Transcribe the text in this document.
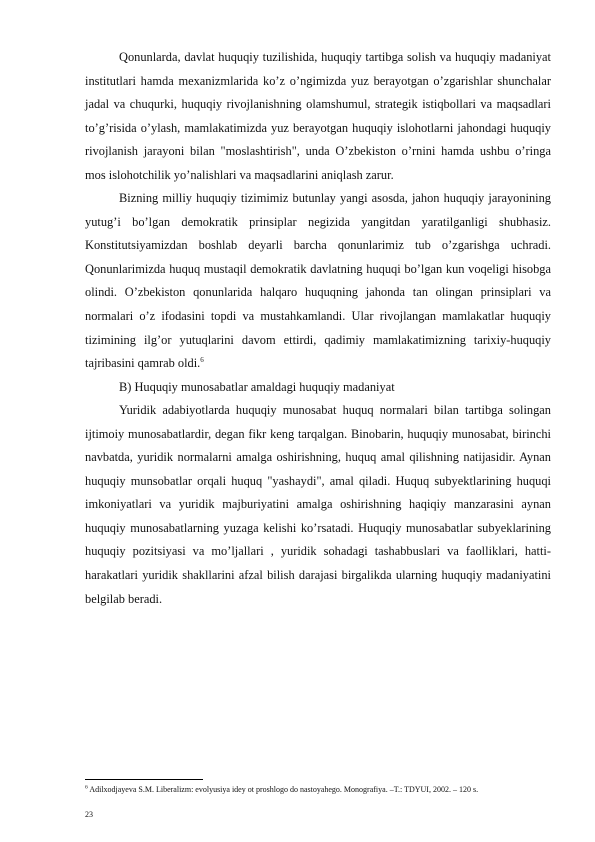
Qonunlarda, davlat huquqiy tuzilishida, huquqiy tartibga solish va huquqiy madaniyat institutlari hamda mexanizmlarida ko’z o’ngimizda yuz berayotgan o’zgarishlar shunchalar jadal va chuqurki, huquqiy rivojlanishning olamshumul, strategik istiqbollari va maqsadlari to’g’risida o’ylash, mamlakatimizda yuz berayotgan huquqiy islohotlarni jahondagi huquqiy rivojlanish jarayoni bilan "moslashtirish", unda O’zbekiston o’rnini hamda ushbu o’ringa mos islohotchilik yo’nalishlari va maqsadlarini aniqlash zarur.

Bizning milliy huquqiy tizimimiz butunlay yangi asosda, jahon huquqiy jarayonining yutug’i bo’lgan demokratik prinsiplar negizida yangitdan yaratilganligi shubhasiz. Konstitutsiyamizdan boshlab deyarli barcha qonunlarimiz tub o’zgarishga uchradi. Qonunlarimizda huquq mustaqil demokratik davlatning huquqi bo’lgan kun voqeligi hisobga olindi. O’zbekiston qonunlarida halqaro huquqning jahonda tan olingan prinsiplari va normalari o’z ifodasini topdi va mustahkamlandi. Ular rivojlangan mamlakatlar huquqiy tizimining ilg’or yutuqlarini davom ettirdi, qadimiy mamlakatimizning tarixiy-huquqiy tajribasini qamrab oldi.$^6$

B) Huquqiy munosabatlar amaldagi huquqiy madaniyat

Yuridik adabiyotlarda huquqiy munosabat huquq normalari bilan tartibga solingan ijtimoiy munosabatlardir, degan fikr keng tarqalgan. Binobarin, huquqiy munosabat, birinchi navbatda, yuridik normalarni amalga oshirishning, huquq amal qilishning natijasidir. Aynan huquqiy munsobatlar orqali huquq "yashaydi", amal qiladi. Huquq subyektlarining huquqi imkoniyatlari va yuridik majburiyatini amalga oshirishning haqiqiy manzarasini aynan huquqiy munosabatlarning yuzaga kelishi ko’rsatadi. Huquqiy munosabatlar subyeklarining huquqiy pozitsiyasi va mo’ljallari , yuridik sohadagi tashabbuslari va faolliklari, hatti-harakatlari yuridik shakllarini afzal bilish darajasi birgalikda ularning huquqiy madaniyatini belgilab beradi.

$^6$ Adilxodjayeva S.M. Liberalizm: evolyusiya idey ot proshlogo do nastoyahego. Monografiya. –T.: TDYUI, 2002. – 120 s.
23
